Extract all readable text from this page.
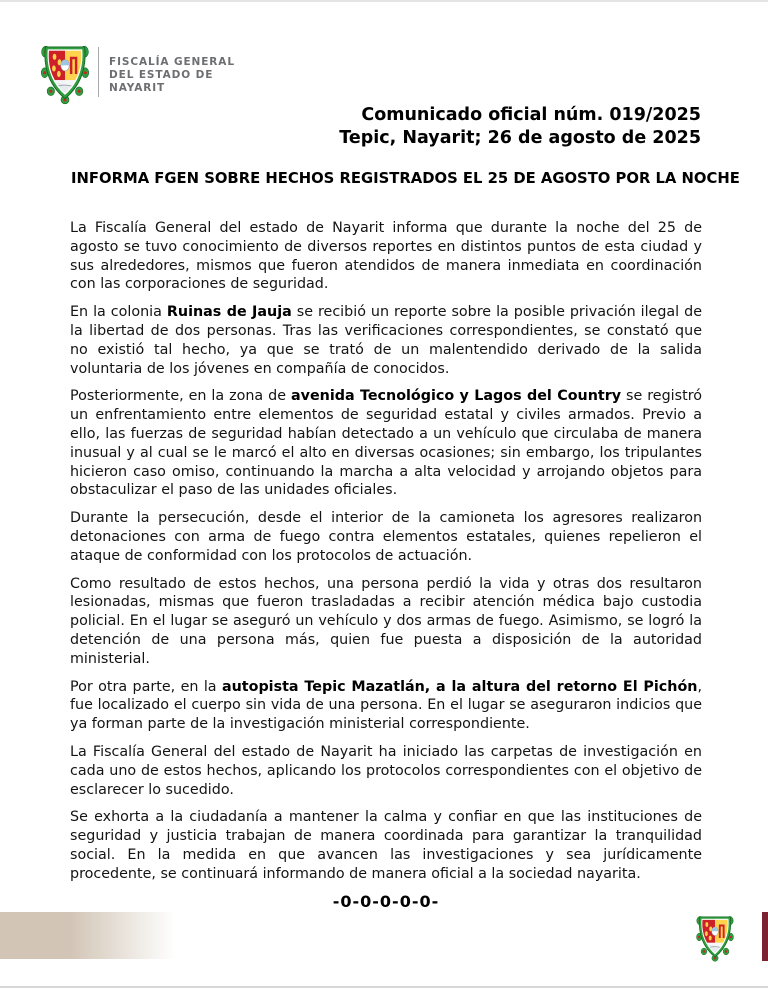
FISCALÍA GENERAL
DEL ESTADO DE
NAYARIT
Comunicado oficial núm. 019/2025
Tepic, Nayarit; 26 de agosto de 2025
INFORMA FGEN SOBRE HECHOS REGISTRADOS EL 25 DE AGOSTO POR LA NOCHE

La Fiscalía General del estado de Nayarit informa que durante la noche del 25 de agosto se tuvo conocimiento de diversos reportes en distintos puntos de esta ciudad y sus alrededores, mismos que fueron atendidos de manera inmediata en coordinación con las corporaciones de seguridad.

En la colonia Ruinas de Jauja se recibió un reporte sobre la posible privación ilegal de la libertad de dos personas. Tras las verificaciones correspondientes, se constató que no existió tal hecho, ya que se trató de un malentendido derivado de la salida voluntaria de los jóvenes en compañía de conocidos.

Posteriormente, en la zona de avenida Tecnológico y Lagos del Country se registró un enfrentamiento entre elementos de seguridad estatal y civiles armados. Previo a ello, las fuerzas de seguridad habían detectado a un vehículo que circulaba de manera inusual y al cual se le marcó el alto en diversas ocasiones; sin embargo, los tripulantes hicieron caso omiso, continuando la marcha a alta velocidad y arrojando objetos para obstaculizar el paso de las unidades oficiales.

Durante la persecución, desde el interior de la camioneta los agresores realizaron detonaciones con arma de fuego contra elementos estatales, quienes repelieron el ataque de conformidad con los protocolos de actuación.

Como resultado de estos hechos, una persona perdió la vida y otras dos resultaron lesionadas, mismas que fueron trasladadas a recibir atención médica bajo custodia policial. En el lugar se aseguró un vehículo y dos armas de fuego. Asimismo, se logró la detención de una persona más, quien fue puesta a disposición de la autoridad ministerial.

Por otra parte, en la autopista Tepic Mazatlán, a la altura del retorno El Pichón, fue localizado el cuerpo sin vida de una persona. En el lugar se aseguraron indicios que ya forman parte de la investigación ministerial correspondiente.

La Fiscalía General del estado de Nayarit ha iniciado las carpetas de investigación en cada uno de estos hechos, aplicando los protocolos correspondientes con el objetivo de esclarecer lo sucedido.

Se exhorta a la ciudadanía a mantener la calma y confiar en que las instituciones de seguridad y justicia trabajan de manera coordinada para garantizar la tranquilidad social. En la medida en que avancen las investigaciones y sea jurídicamente procedente, se continuará informando de manera oficial a la sociedad nayarita.

-0-0-0-0-0-
